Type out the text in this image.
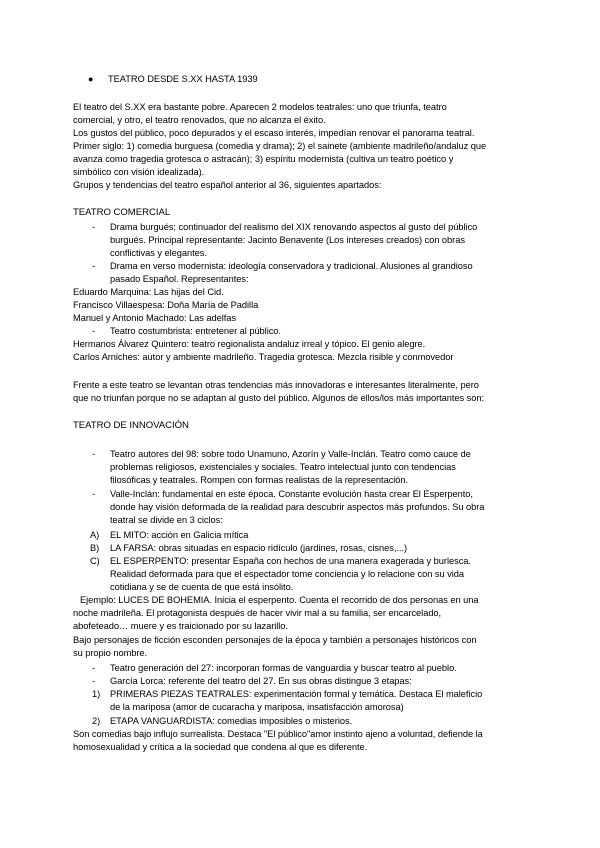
● TEATRO DESDE S.XX HASTA 1939
El teatro del S.XX era bastante pobre. Aparecen 2 modelos teatrales: uno que triunfa, teatro
comercial, y otro, el teatro renovados, que no alcanza el éxito.
Los gustos del público, poco depurados y el escaso interés, impedían renovar el panorama teatral.
Primer siglo: 1) comedia burguesa (comedia y drama); 2) el sainete (ambiente madrileño/andaluz que
avanza como tragedia grotesca o astracán); 3) espíritu modernista (cultiva un teatro poético y
simbólico con visión idealizada).
Grupos y tendencias del teatro español anterior al 36, siguientes apartados:
TEATRO COMERCIAL
- Drama burgués; continuador del realismo del XIX renovando aspectos al gusto del público
burgués. Principal representante: Jacinto Benavente (Los intereses creados) con obras
conflictivas y elegantes.
- Drama en verso modernista: ideología conservadora y tradicional. Alusiones al grandioso
pasado Español. Representantes:
Eduardo Marquina: Las hijas del Cid.
Francisco Villaespesa: Doña María de Padilla
Manuel y Antonio Machado: Las adelfas
- Teatro costumbrista: entretener al público.
Hermanos Álvarez Quintero: teatro regionalista andaluz irreal y tópico. El genio alegre.
Carlos Arniches: autor y ambiente madrileño. Tragedia grotesca. Mezcla risible y conmovedor
Frente a este teatro se levantan otras tendencias más innovadoras e interesantes literalmente, pero
que no triunfan porque no se adaptan al gusto del público. Algunos de ellos/los más importantes son:
TEATRO DE INNOVACIÓN
- Teatro autores del 98: sobre todo Unamuno, Azorín y Valle-Inclán. Teatro como cauce de
problemas religiosos, existenciales y sociales. Teatro intelectual junto con tendencias
filosóficas y teatrales. Rompen con formas realistas de la representación.
- Valle-Inclán: fundamental en este época. Constante evolución hasta crear El Esperpento,
donde hay visión deformada de la realidad para descubrir aspectos más profundos. Su obra
teatral se divide en 3 ciclos:
A) EL MITO: acción en Galicia mítica
B) LA FARSA: obras situadas en espacio ridículo (jardines, rosas, cisnes,...)
C) EL ESPERPENTO: presentar España con hechos de una manera exagerada y burlesca.
Realidad deformada para que el espectador tome conciencia y lo relacione con su vida
cotidiana y se de cuenta de que está insólito.
Ejemplo: LUCES DE BOHEMIA. Inicia el esperpento. Cuenta el recorrido de dos personas en una
noche madrileña. El protagonista después de hacer vivir mal a su familia, ser encarcelado,
abofeteado… muere y es traicionado por su lazarillo.
Bajo personajes de ficción esconden personajes de la época y también a personajes históricos con
su propio nombre.
- Teatro generación del 27: incorporan formas de vanguardia y buscar teatro al pueblo.
- García Lorca: referente del teatro del 27. En sus obras distingue 3 etapas:
1) PRIMERAS PIEZAS TEATRALES: experimentación formal y temática. Destaca El maleficio
de la mariposa (amor de cucaracha y mariposa, insatisfacción amorosa)
2) ETAPA VANGUARDISTA: comedias imposibles o misterios.
Son comedias bajo influjo surrealista. Destaca "El público"amor instinto ajeno a voluntad, defiende la
homosexualidad y crítica a la sociedad que condena al que es diferente.
